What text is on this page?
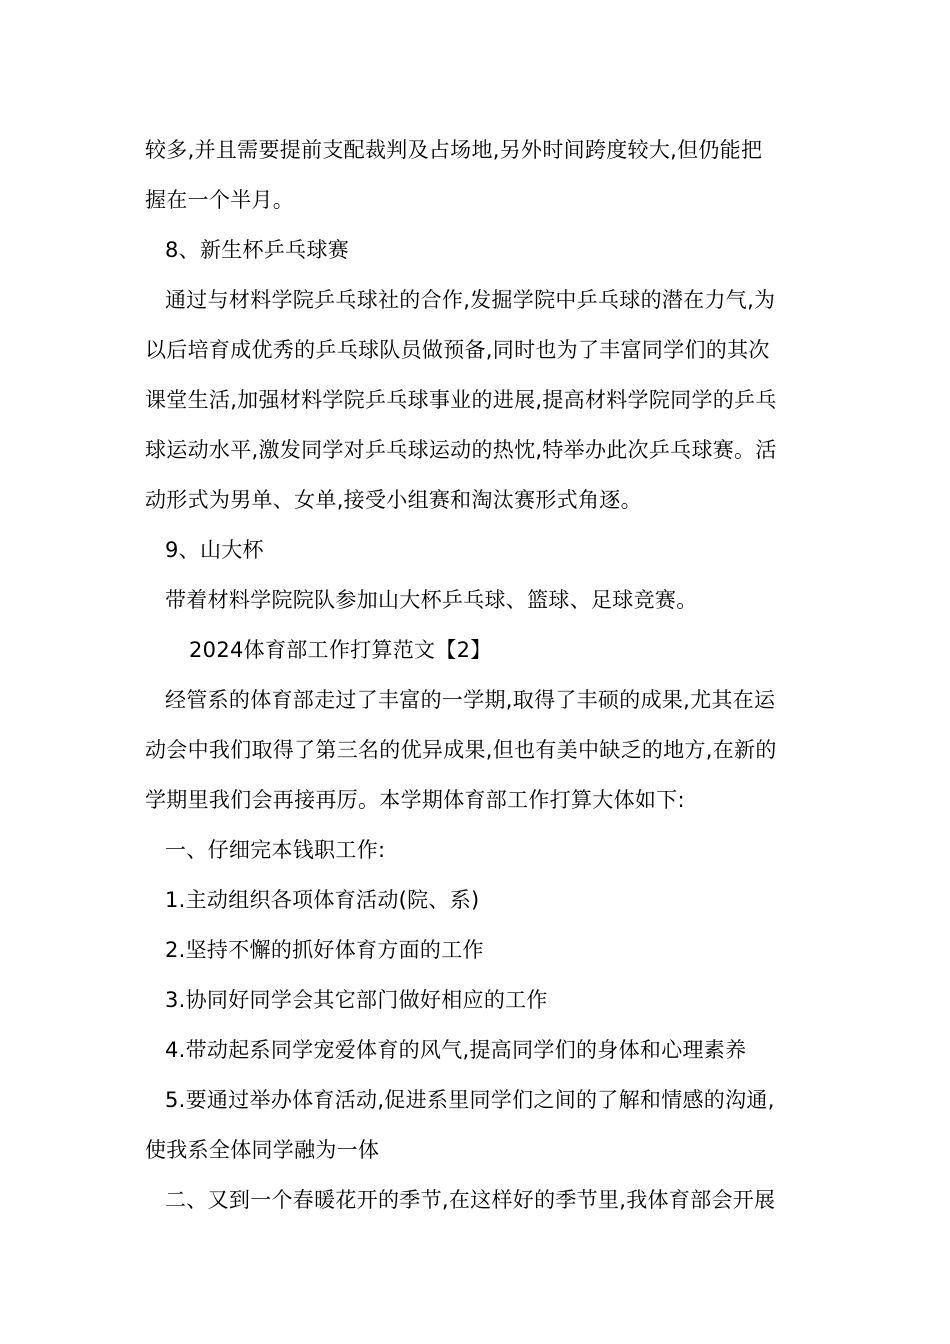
较多,并且需要提前支配裁判及占场地,另外时间跨度较大,但仍能把
握在一个半月。
8、新生杯乒乓球赛
通过与材料学院乒乓球社的合作,发掘学院中乒乓球的潜在力气,为
以后培育成优秀的乒乓球队员做预备,同时也为了丰富同学们的其次
课堂生活,加强材料学院乒乓球事业的进展,提高材料学院同学的乒乓
球运动水平,激发同学对乒乓球运动的热忱,特举办此次乒乓球赛。活
动形式为男单、女单,接受小组赛和淘汰赛形式角逐。
9、山大杯
带着材料学院院队参加山大杯乒乓球、篮球、足球竞赛。
2024体育部工作打算范文【2】
经管系的体育部走过了丰富的一学期,取得了丰硕的成果,尤其在运
动会中我们取得了第三名的优异成果,但也有美中缺乏的地方,在新的
学期里我们会再接再厉。本学期体育部工作打算大体如下:
一、仔细完本钱职工作:
1.主动组织各项体育活动(院、系)
2.坚持不懈的抓好体育方面的工作
3.协同好同学会其它部门做好相应的工作
4.带动起系同学宠爱体育的风气,提高同学们的身体和心理素养
5.要通过举办体育活动,促进系里同学们之间的了解和情感的沟通,
使我系全体同学融为一体
二、又到一个春暖花开的季节,在这样好的季节里,我体育部会开展
